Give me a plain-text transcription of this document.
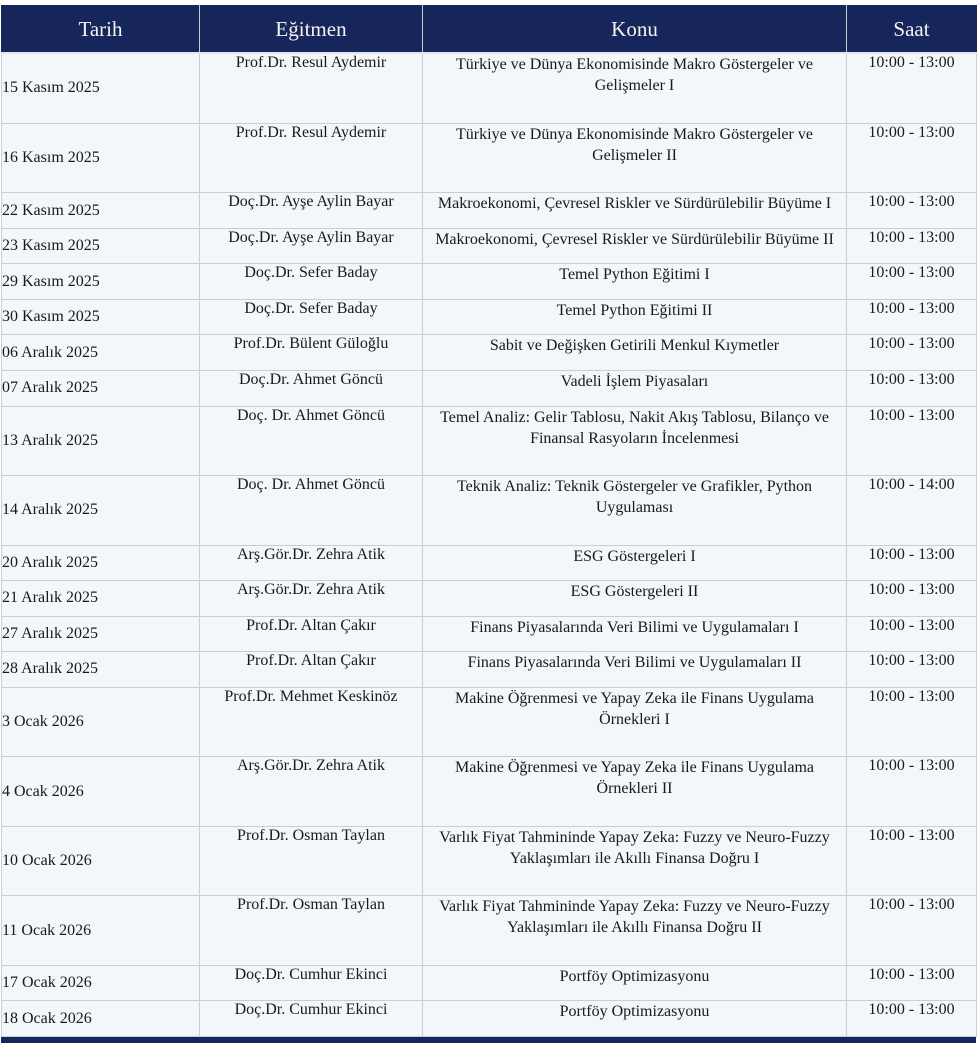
Tarih	Eğitmen	Konu	Saat
15 Kasım 2025	Prof.Dr. Resul Aydemir	Türkiye ve Dünya Ekonomisinde Makro Göstergeler ve Gelişmeler I	10:00 - 13:00
16 Kasım 2025	Prof.Dr. Resul Aydemir	Türkiye ve Dünya Ekonomisinde Makro Göstergeler ve Gelişmeler II	10:00 - 13:00
22 Kasım 2025	Doç.Dr. Ayşe Aylin Bayar	Makroekonomi, Çevresel Riskler ve Sürdürülebilir Büyüme I	10:00 - 13:00
23 Kasım 2025	Doç.Dr. Ayşe Aylin Bayar	Makroekonomi, Çevresel Riskler ve Sürdürülebilir Büyüme II	10:00 - 13:00
29 Kasım 2025	Doç.Dr. Sefer Baday	Temel Python Eğitimi I	10:00 - 13:00
30 Kasım 2025	Doç.Dr. Sefer Baday	Temel Python Eğitimi II	10:00 - 13:00
06 Aralık 2025	Prof.Dr. Bülent Güloğlu	Sabit ve Değişken Getirili Menkul Kıymetler	10:00 - 13:00
07 Aralık 2025	Doç.Dr. Ahmet Göncü	Vadeli İşlem Piyasaları	10:00 - 13:00
13 Aralık 2025	Doç. Dr. Ahmet Göncü	Temel Analiz: Gelir Tablosu, Nakit Akış Tablosu, Bilanço ve Finansal Rasyoların İncelenmesi	10:00 - 13:00
14 Aralık 2025	Doç. Dr. Ahmet Göncü	Teknik Analiz: Teknik Göstergeler ve Grafikler, Python Uygulaması	10:00 - 14:00
20 Aralık 2025	Arş.Gör.Dr. Zehra Atik	ESG Göstergeleri I	10:00 - 13:00
21 Aralık 2025	Arş.Gör.Dr. Zehra Atik	ESG Göstergeleri II	10:00 - 13:00
27 Aralık 2025	Prof.Dr. Altan Çakır	Finans Piyasalarında Veri Bilimi ve Uygulamaları I	10:00 - 13:00
28 Aralık 2025	Prof.Dr. Altan Çakır	Finans Piyasalarında Veri Bilimi ve Uygulamaları II	10:00 - 13:00
3 Ocak 2026	Prof.Dr. Mehmet Keskinöz	Makine Öğrenmesi ve Yapay Zeka ile Finans Uygulama Örnekleri I	10:00 - 13:00
4 Ocak 2026	Arş.Gör.Dr. Zehra Atik	Makine Öğrenmesi ve Yapay Zeka ile Finans Uygulama Örnekleri II	10:00 - 13:00
10 Ocak 2026	Prof.Dr. Osman Taylan	Varlık Fiyat Tahmininde Yapay Zeka: Fuzzy ve Neuro-Fuzzy Yaklaşımları ile Akıllı Finansa Doğru I	10:00 - 13:00
11 Ocak 2026	Prof.Dr. Osman Taylan	Varlık Fiyat Tahmininde Yapay Zeka: Fuzzy ve Neuro-Fuzzy Yaklaşımları ile Akıllı Finansa Doğru II	10:00 - 13:00
17 Ocak 2026	Doç.Dr. Cumhur Ekinci	Portföy Optimizasyonu	10:00 - 13:00
18 Ocak 2026	Doç.Dr. Cumhur Ekinci	Portföy Optimizasyonu	10:00 - 13:00
